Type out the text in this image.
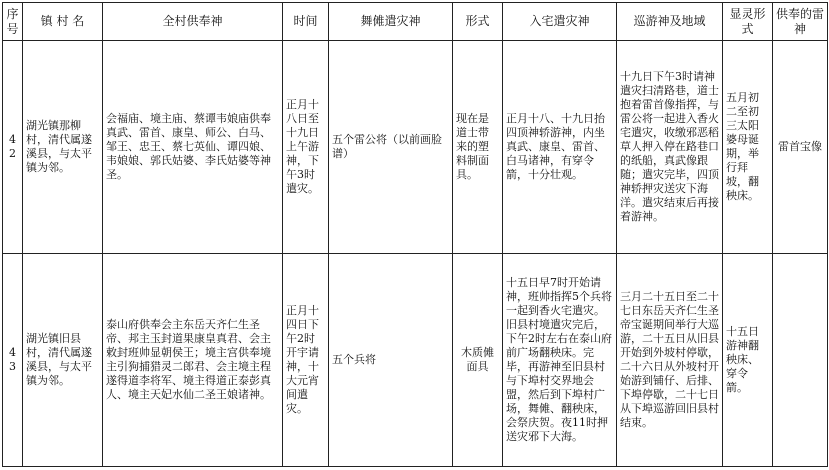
序号	镇 村 名	全村供奉神	时间	舞傩遣灾神	形式	入宅遣灾神	巡游神及地域	显灵形式	供奉的雷神
42	湖光镇那柳村，清代属遂溪县，与太平镇为邻。	会福庙、境主庙、蔡谭韦娘庙供奉真武、雷首、康皇、师公、白马、邹王、忠王、蔡七英仙、谭四娘、韦娘娘、郭氏姑婆、李氏姑婆等神圣。	正月十八日至十九日上午游神，下午3时遣灾。	五个雷公将（以前画脸谱）	现在是道士带来的塑料制面具。	正月十八、十九日抬四顶神轿游神，内坐真武、康皇、雷首、白马诸神，有穿令箭，十分壮观。	十九日下午3时请神遣灾扫清路巷，道士抱着雷首像指挥，与雷公将一起进入香火宅遣灾，收缴邪恶稻草人押入停在路巷口的纸船，真武像跟随；遣灾完毕，四顶神轿押灾送灾下海洋。遣灾结束后再接着游神。	五月初二至初三太阳婆母诞期，举行拜坡，翻秧床。	雷首宝像
43	湖光镇旧县村，清代属遂溪县，与太平镇为邻。	泰山府供奉会主东岳天齐仁生圣帝、邦主玉封道果康皇真君、会主敕封班帅显朝侯王；境主宫供奉境主引狗捕猎灵二郎君、会主境主程遂得道李将军、境主得道正泰彭真人、境主天妃水仙二圣王娘诸神。	正月十四日下午2时开宇请神，十大元宵间遣灾。	五个兵将	木质傩面具	十五日早7时开始请神，班帅指挥5个兵将一起到香火宅遣灾。旧县村境遣灾完后，下午2时左右在泰山府前广场翻秧床。完毕，再游神至旧县村与下埠村交界地会盟，然后到下埠村广场，舞傩、翻秧床，会祭庆贺。夜11时押送灾邪下大海。	三月二十五日至二十七日东岳天齐仁生圣帝宝诞期间举行大巡游，二十五日从旧县开始到外坡村停歇，二十六日从外坡村开始游到铺仔、后排、下埠停歇，二十七日从下埠巡游回旧县村结束。	十五日游神翻秧床、穿令箭。	
